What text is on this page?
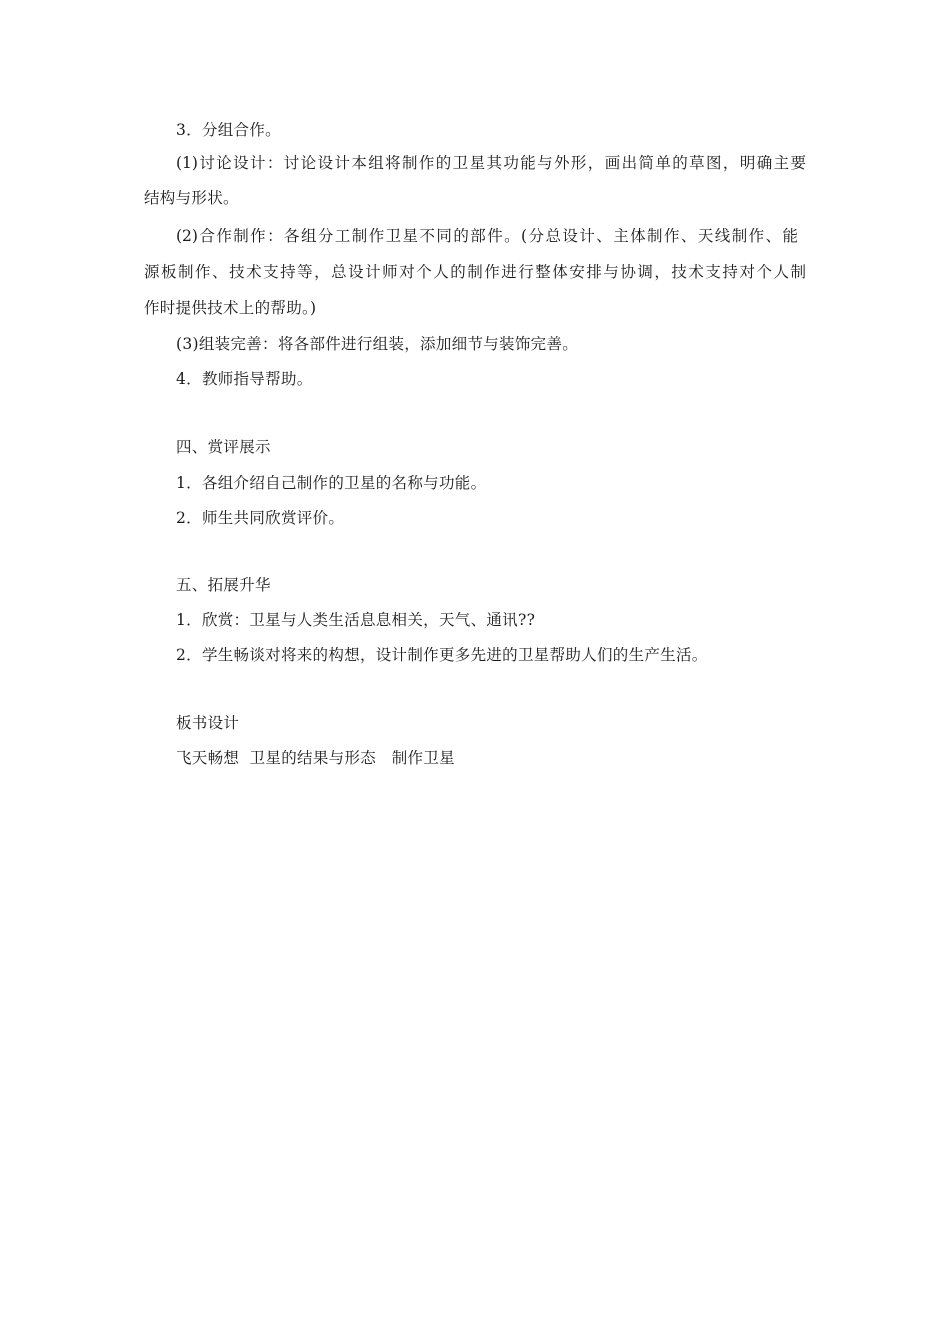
3．分组合作。
(1)讨论设计：讨论设计本组将制作的卫星其功能与外形，画出简单的草图，明确主要
结构与形状。
(2)合作制作：各组分工制作卫星不同的部件。(分总设计、主体制作、天线制作、能
源板制作、技术支持等，总设计师对个人的制作进行整体安排与协调，技术支持对个人制
作时提供技术上的帮助。)
(3)组装完善：将各部件进行组装，添加细节与装饰完善。
4．教师指导帮助。
四、赏评展示
1．各组介绍自己制作的卫星的名称与功能。
2．师生共同欣赏评价。
五、拓展升华
1．欣赏：卫星与人类生活息息相关，天气、通讯??
2．学生畅谈对将来的构想，设计制作更多先进的卫星帮助人们的生产生活。
板书设计
飞天畅想  卫星的结果与形态   制作卫星
